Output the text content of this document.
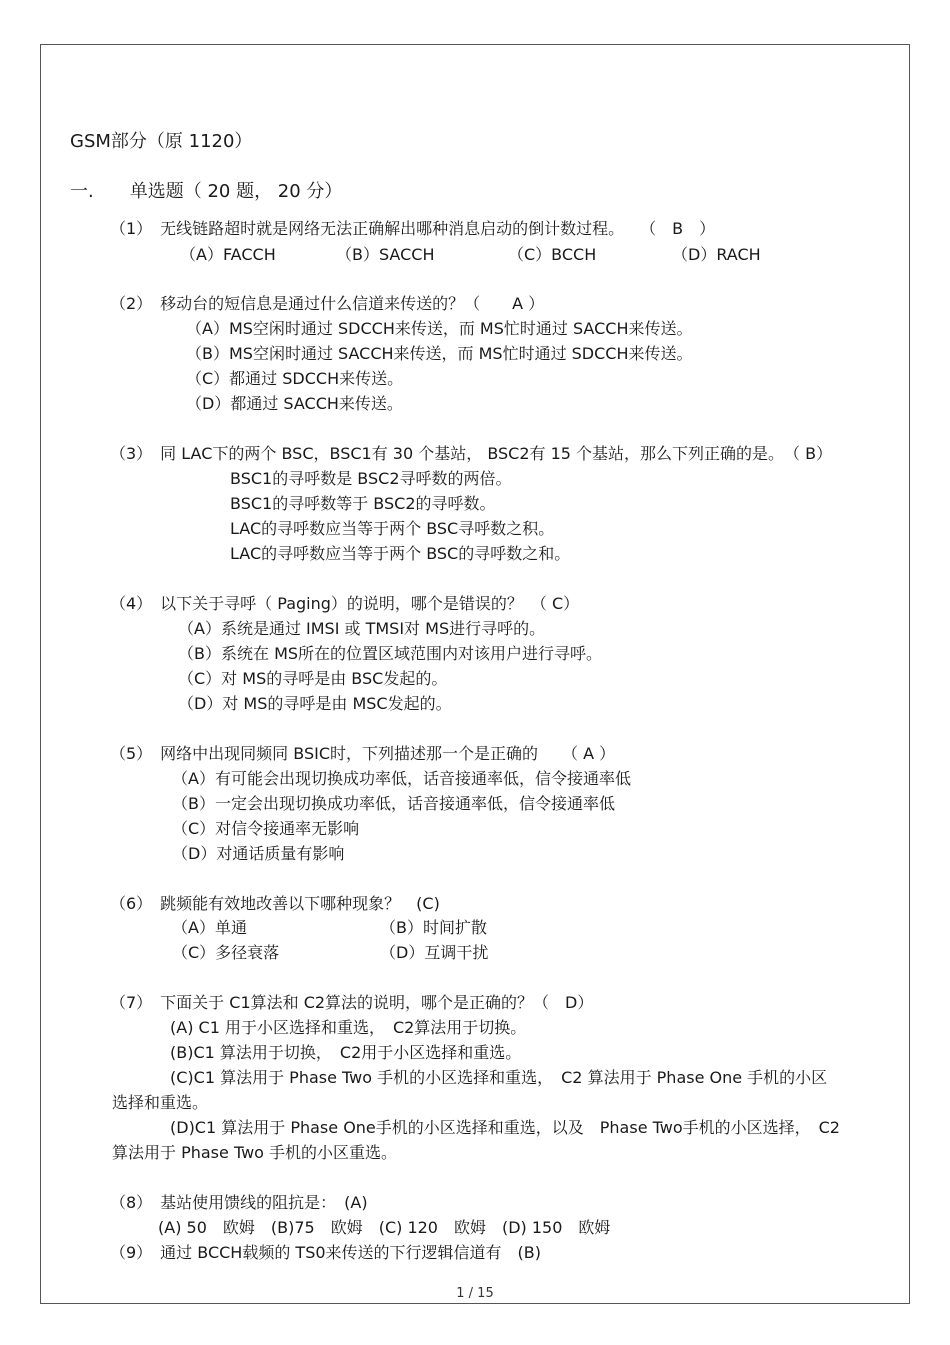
GSM部分（原 1120）
一.　　单选题（ 20 题， 20 分）
（1）　无线链路超时就是网络无法正确解出哪种消息启动的倒计数过程。　　（　B　）
（A）FACCH	（B）SACCH	（C）BCCH	（D）RACH
（2）　移动台的短信息是通过什么信道来传送的？（　　A ）
（A）MS空闲时通过 SDCCH来传送，而 MS忙时通过 SACCH来传送。
（B）MS空闲时通过 SACCH来传送，而 MS忙时通过 SDCCH来传送。
（C）都通过 SDCCH来传送。
（D）都通过 SACCH来传送。
（3）　同 LAC下的两个 BSC，BSC1有 30 个基站， BSC2有 15 个基站，那么下列正确的是。　（ B）
BSC1的寻呼数是 BSC2寻呼数的两倍。
BSC1的寻呼数等于 BSC2的寻呼数。
LAC的寻呼数应当等于两个 BSC寻呼数之积。
LAC的寻呼数应当等于两个 BSC的寻呼数之和。
（4）　以下关于寻呼（ Paging）的说明，哪个是错误的？　（ C）
（A）系统是通过 IMSI 或 TMSI对 MS进行寻呼的。
（B）系统在 MS所在的位置区域范围内对该用户进行寻呼。
（C）对 MS的寻呼是由 BSC发起的。
（D）对 MS的寻呼是由 MSC发起的。
（5）　网络中出现同频同 BSIC时，下列描述那一个是正确的　　（ A ）
（A）有可能会出现切换成功率低，话音接通率低，信令接通率低
（B）一定会出现切换成功率低，话音接通率低，信令接通率低
（C）对信令接通率无影响
（D）对通话质量有影响
（6）　跳频能有效地改善以下哪种现象？　(C)
（A）单通	（B）时间扩散
（C）多径衰落	（D）互调干扰
（7）　下面关于 C1算法和 C2算法的说明，哪个是正确的？（　D）
(A) C1 用于小区选择和重选，　C2算法用于切换。
(B)C1 算法用于切换，　C2用于小区选择和重选。
(C)C1 算法用于 Phase Two 手机的小区选择和重选，　C2 算法用于 Phase One 手机的小区
选择和重选。
(D)C1 算法用于 Phase One手机的小区选择和重选，以及　Phase Two手机的小区选择，　C2
算法用于 Phase Two 手机的小区重选。
（8）　基站使用馈线的阻抗是：　(A)
(A) 50　欧姆　(B)75　欧姆　(C) 120　欧姆　(D) 150　欧姆
（9）　通过 BCCH载频的 TS0来传送的下行逻辑信道有　(B)
1 / 15
